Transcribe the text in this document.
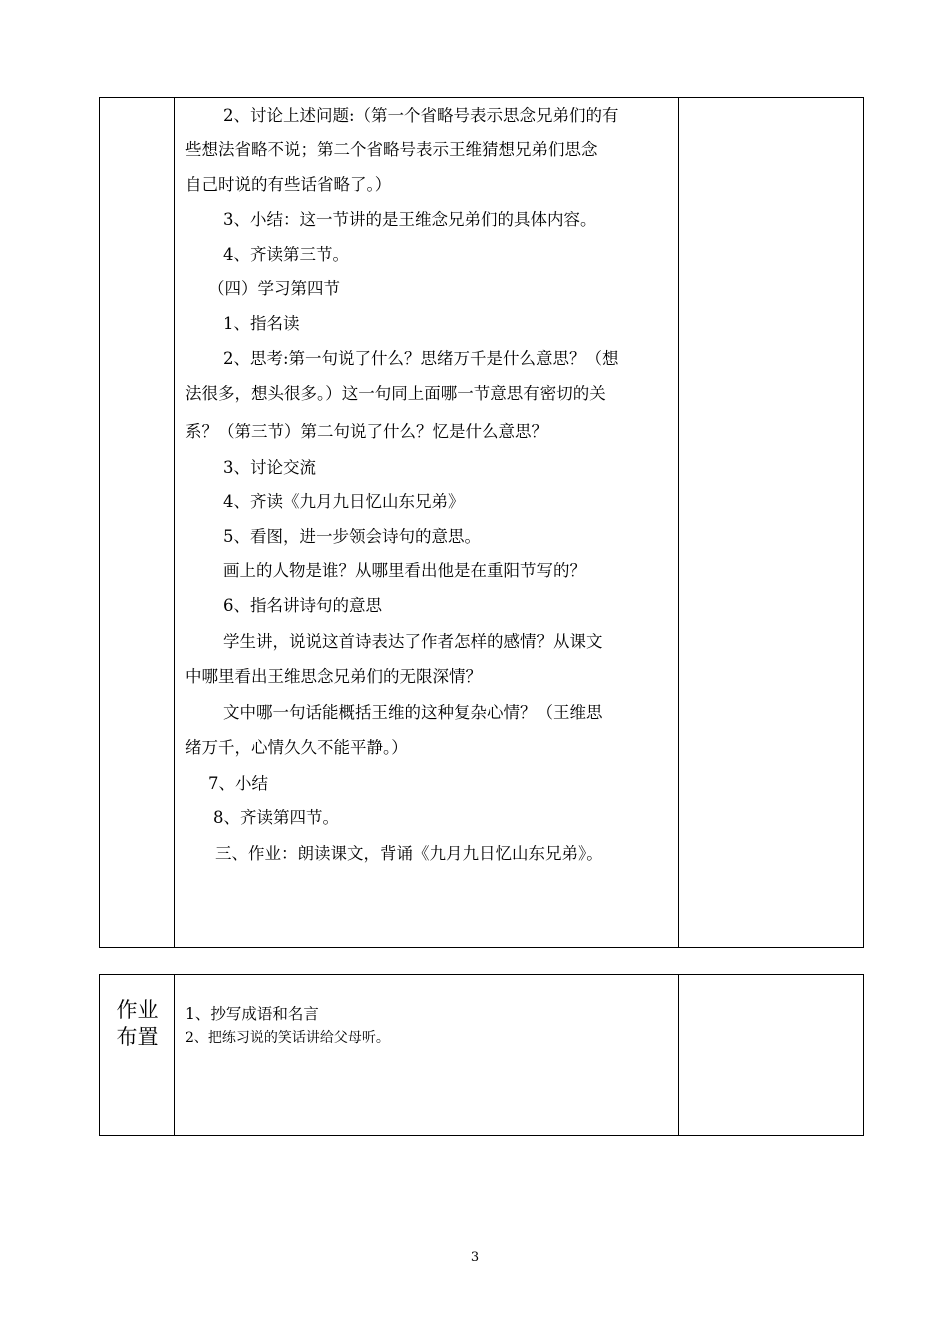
2、讨论上述问题:（第一个省略号表示思念兄弟们的有
些想法省略不说；第二个省略号表示王维猜想兄弟们思念
自己时说的有些话省略了。）
3、小结：这一节讲的是王维念兄弟们的具体内容。
4、齐读第三节。
（四）学习第四节
1、指名读
2、思考:第一句说了什么？思绪万千是什么意思？（想
法很多，想头很多。）这一句同上面哪一节意思有密切的关
系？（第三节）第二句说了什么？忆是什么意思？
3、讨论交流
4、齐读《九月九日忆山东兄弟》
5、看图，进一步领会诗句的意思。
画上的人物是谁？从哪里看出他是在重阳节写的？
6、指名讲诗句的意思
学生讲，说说这首诗表达了作者怎样的感情？从课文
中哪里看出王维思念兄弟们的无限深情？
文中哪一句话能概括王维的这种复杂心情？（王维思
绪万千，心情久久不能平静。）
7、小结
8、齐读第四节。
三、作业：朗读课文，背诵《九月九日忆山东兄弟》。
作业
布置
1、抄写成语和名言
2、把练习说的笑话讲给父母听。
3
